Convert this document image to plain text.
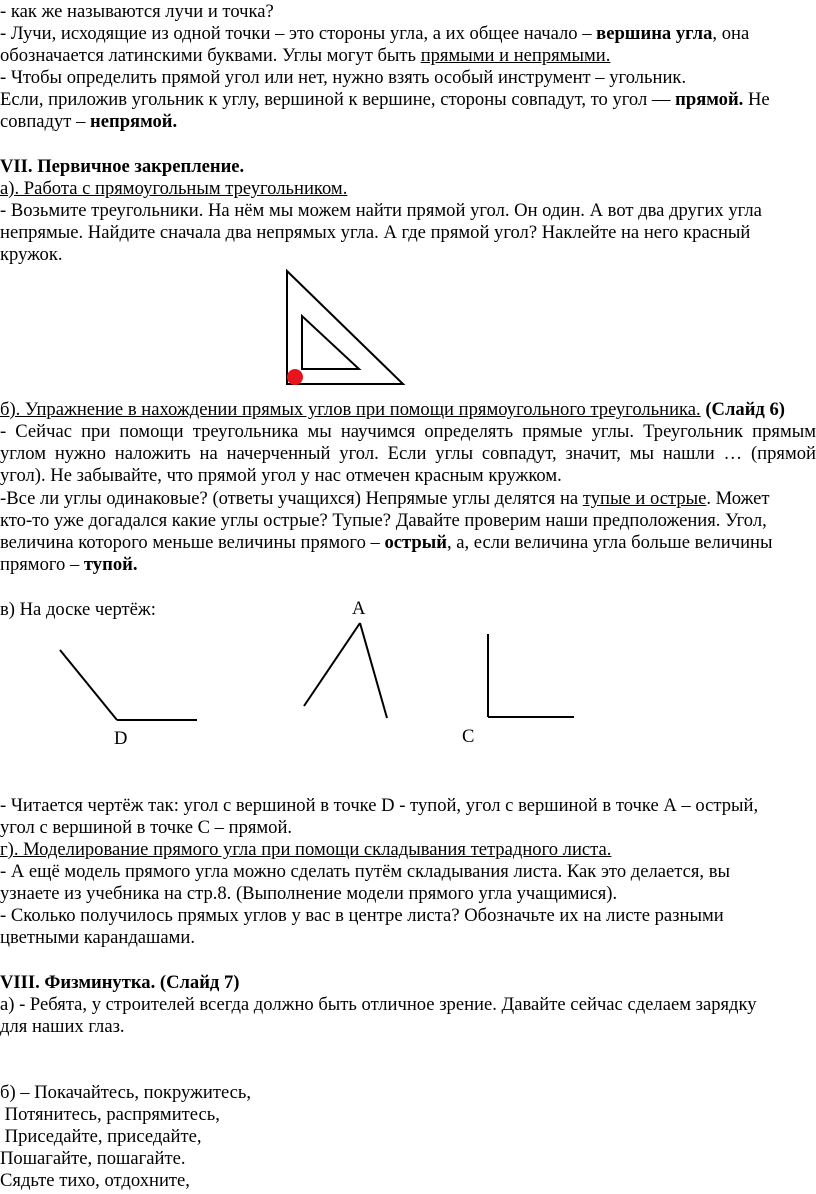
- как же называются лучи и точка?
- Лучи, исходящие из одной точки – это стороны угла, а их общее начало – вершина угла, она
обозначается латинскими буквами. Углы могут быть прямыми и непрямыми.
- Чтобы определить прямой угол или нет, нужно взять особый инструмент – угольник.
Если, приложив угольник к углу, вершиной к вершине, стороны совпадут, то угол — прямой. Не
совпадут – непрямой.
VII. Первичное закрепление.
а). Работа с прямоугольным треугольником.
- Возьмите треугольники. На нём мы можем найти прямой угол. Он один. А вот два других угла
непрямые. Найдите сначала два непрямых угла. А где прямой угол? Наклейте на него красный
кружок.
б). Упражнение в нахождении прямых углов при помощи прямоугольного треугольника. (Слайд 6)
- Сейчас при помощи треугольника мы научимся определять прямые углы. Треугольник прямым
углом нужно наложить на начерченный угол. Если углы совпадут, значит, мы нашли … (прямой
угол). Не забывайте, что прямой угол у нас отмечен красным кружком.
-Все ли углы одинаковые? (ответы учащихся) Непрямые углы делятся на тупые и острые. Может
кто-то уже догадался какие углы острые? Тупые? Давайте проверим наши предположения. Угол,
величина которого меньше величины прямого – острый, а, если величина угла больше величины
прямого – тупой.
в) На доске чертёж:	A
D	C
- Читается чертёж так: угол с вершиной в точке D - тупой, угол с вершиной в точке А – острый,
угол с вершиной в точке С – прямой.
г). Моделирование прямого угла при помощи складывания тетрадного листа.
- А ещё модель прямого угла можно сделать путём складывания листа. Как это делается, вы
узнаете из учебника на стр.8. (Выполнение модели прямого угла учащимися).
- Сколько получилось прямых углов у вас в центре листа? Обозначьте их на листе разными
цветными карандашами.
VIII. Физминутка. (Слайд 7)
а) - Ребята, у строителей всегда должно быть отличное зрение. Давайте сейчас сделаем зарядку
для наших глаз.
б) – Покачайтесь, покружитесь,
Потянитесь, распрямитесь,
Приседайте, приседайте,
Пошагайте, пошагайте.
Сядьте тихо, отдохните,
